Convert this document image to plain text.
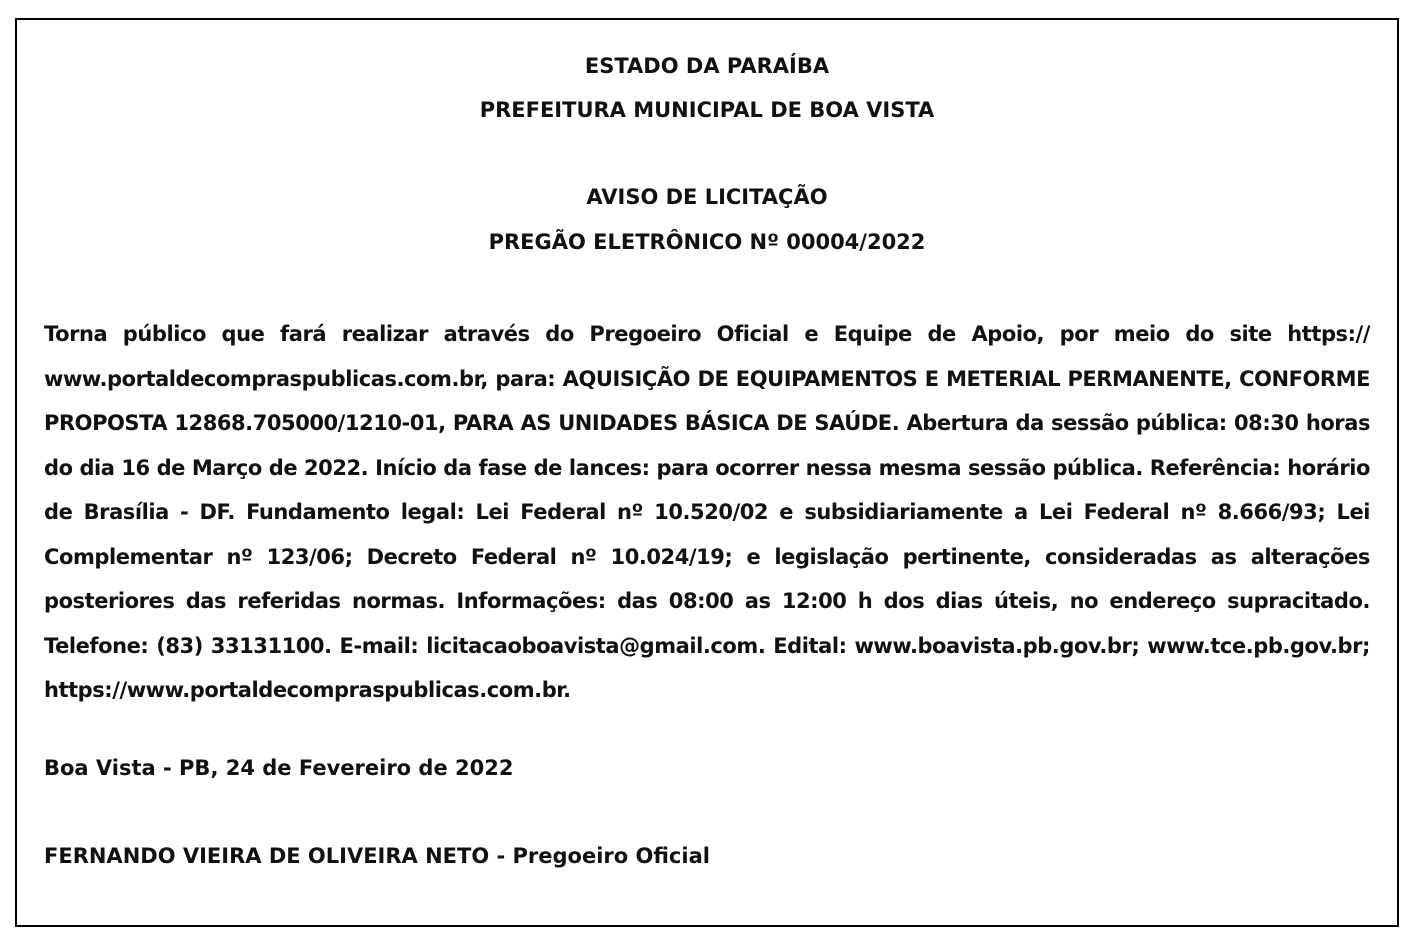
ESTADO DA PARAÍBA

PREFEITURA MUNICIPAL DE BOA VISTA

AVISO DE LICITAÇÃO

PREGÃO ELETRÔNICO Nº 00004/2022

Torna público que fará realizar através do Pregoeiro Oficial e Equipe de Apoio, por meio do site https:// www.portaldecompraspublicas.com.br, para: AQUISIÇÃO DE EQUIPAMENTOS E METERIAL PERMANENTE, CONFORME PROPOSTA 12868.705000/1210-01, PARA AS UNIDADES BÁSICA DE SAÚDE. Abertura da sessão pública: 08:30 horas do dia 16 de Março de 2022. Início da fase de lances: para ocorrer nessa mesma sessão pública. Referência: horário de Brasília - DF. Fundamento legal: Lei Federal nº 10.520/02 e subsidiariamente a Lei Federal nº 8.666/93; Lei Complementar nº 123/06; Decreto Federal nº 10.024/19; e legislação pertinente, consideradas as alterações posteriores das referidas normas. Informações: das 08:00 as 12:00 h dos dias úteis, no endereço supracitado. Telefone: (83) 33131100. E-mail: licitacaoboavista@gmail.com. Edital: www.boavista.pb.gov.br; www.tce.pb.gov.br; https://www.portaldecompraspublicas.com.br.

Boa Vista - PB, 24 de Fevereiro de 2022

FERNANDO VIEIRA DE OLIVEIRA NETO - Pregoeiro Oficial
